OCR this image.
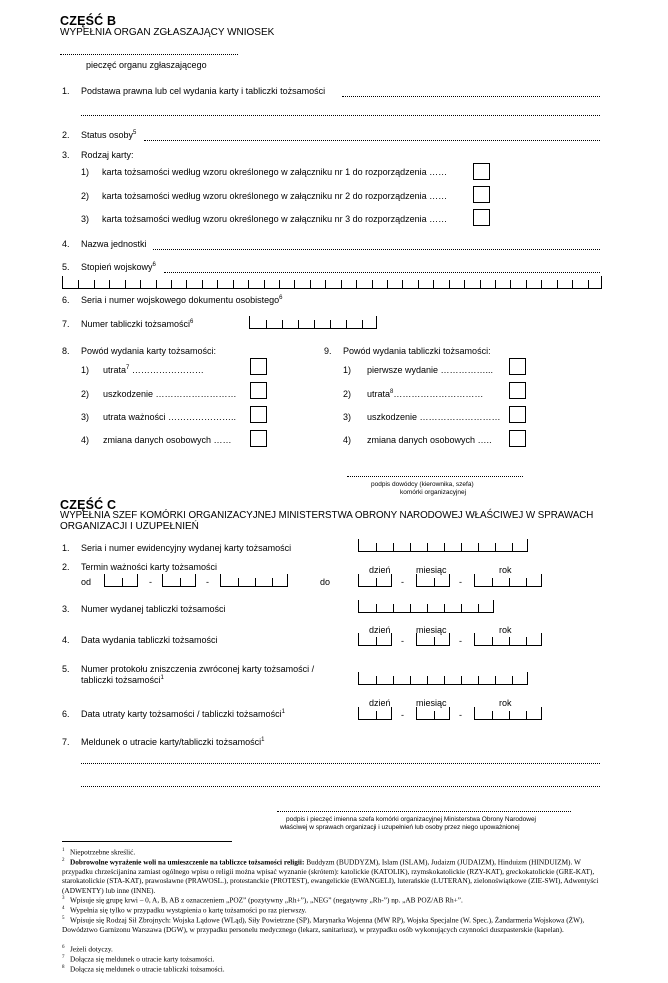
CZĘŚĆ B
WYPEŁNIA ORGAN ZGŁASZAJĄCY WNIOSEK
pieczęć organu zgłaszającego
1. Podstawa prawna lub cel wydania karty i tabliczki tożsamości
2. Status osoby$^5$
3. Rodzaj karty:
1) karta tożsamości według wzoru określonego w załączniku nr 1 do rozporządzenia ……
2) karta tożsamości według wzoru określonego w załączniku nr 2 do rozporządzenia ……
3) karta tożsamości według wzoru określonego w załączniku nr 3 do rozporządzenia ……
4. Nazwa jednostki
5. Stopień wojskowy$^6$
6. Seria i numer wojskowego dokumentu osobistego$^6$
7. Numer tabliczki tożsamości$^6$
8. Powód wydania karty tożsamości:
1) utrata$^7$ ……………………
2) uszkodzenie ………………………
3) utrata ważności …………………..
4) zmiana danych osobowych ……
9. Powód wydania tabliczki tożsamości:
1) pierwsze wydanie ……………...
2) utrata$^8$…………………………
3) uszkodzenie ………………………
4) zmiana danych osobowych …..
podpis dowódcy (kierownika, szefa)
komórki organizacyjnej
CZĘŚĆ C
WYPEŁNIA SZEF KOMÓRKI ORGANIZACYJNEJ MINISTERSTWA OBRONY NARODOWEJ WŁAŚCIWEJ W SPRAWACH
ORGANIZACJI I UZUPEŁNIEŃ
1. Seria i numer ewidencyjny wydanej karty tożsamości
2. Termin ważności karty tożsamości	dzień	miesiąc	rok
od	-	-	do	-	-
3. Numer wydanej tabliczki tożsamości
dzień	miesiąc	rok
4. Data wydania tabliczki tożsamości	-	-
5. Numer protokołu zniszczenia zwróconej karty tożsamości /
tabliczki tożsamości$^1$
dzień	miesiąc	rok
6. Data utraty karty tożsamości / tabliczki tożsamości$^1$	-	-
7. Meldunek o utracie karty/tabliczki tożsamości$^1$
podpis i pieczęć imienna szefa komórki organizacyjnej Ministerstwa Obrony Narodowej
właściwej w sprawach organizacji i uzupełnień lub osoby przez niego upoważnionej
$^1$ Niepotrzebne skreślić.
$^2$ Dobrowolne wyrażenie woli na umieszczenie na tabliczce tożsamości religii: Buddyzm (BUDDYZM), Islam (ISLAM), Judaizm (JUDAIZM), Hinduizm (HINDUIZM). W przypadku chrześcijanina zamiast ogólnego wpisu o religii można wpisać wyznanie (skrótem): katolickie (KATOLIK), rzymskokatolickie (RZY-KAT), greckokatolickie (GRE-KAT), starokatolickie (STA-KAT), prawosławne (PRAWOSL.), protestanckie (PROTEST), ewangelickie (EWANGELI), luterańskie (LUTERAN), zielonoświątkowe (ZIE-SWI), Adwentyści (ADWENTY) lub inne (INNE).
$^3$ Wpisuje się grupę krwi – 0, A, B, AB z oznaczeniem „POZ” (pozytywny „Rh+”), „NEG” (negatywny „Rh-”) np. „AB POZ/AB Rh+”.
$^4$ Wypełnia się tylko w przypadku wystąpienia o kartę tożsamości po raz pierwszy.
$^5$ Wpisuje się Rodzaj Sił Zbrojnych: Wojska Lądowe (WLąd), Siły Powietrzne (SP), Marynarka Wojenna (MW RP), Wojska Specjalne (W. Spec.), Żandarmeria Wojskowa (ŻW), Dowództwo Garnizonu Warszawa (DGW), w przypadku personelu medycznego (lekarz, sanitariusz), w przypadku osób wykonujących czynności duszpasterskie (kapelan).
$^6$ Jeżeli dotyczy.
$^7$ Dołącza się meldunek o utracie karty tożsamości.
$^8$ Dołącza się meldunek o utracie tabliczki tożsamości.
